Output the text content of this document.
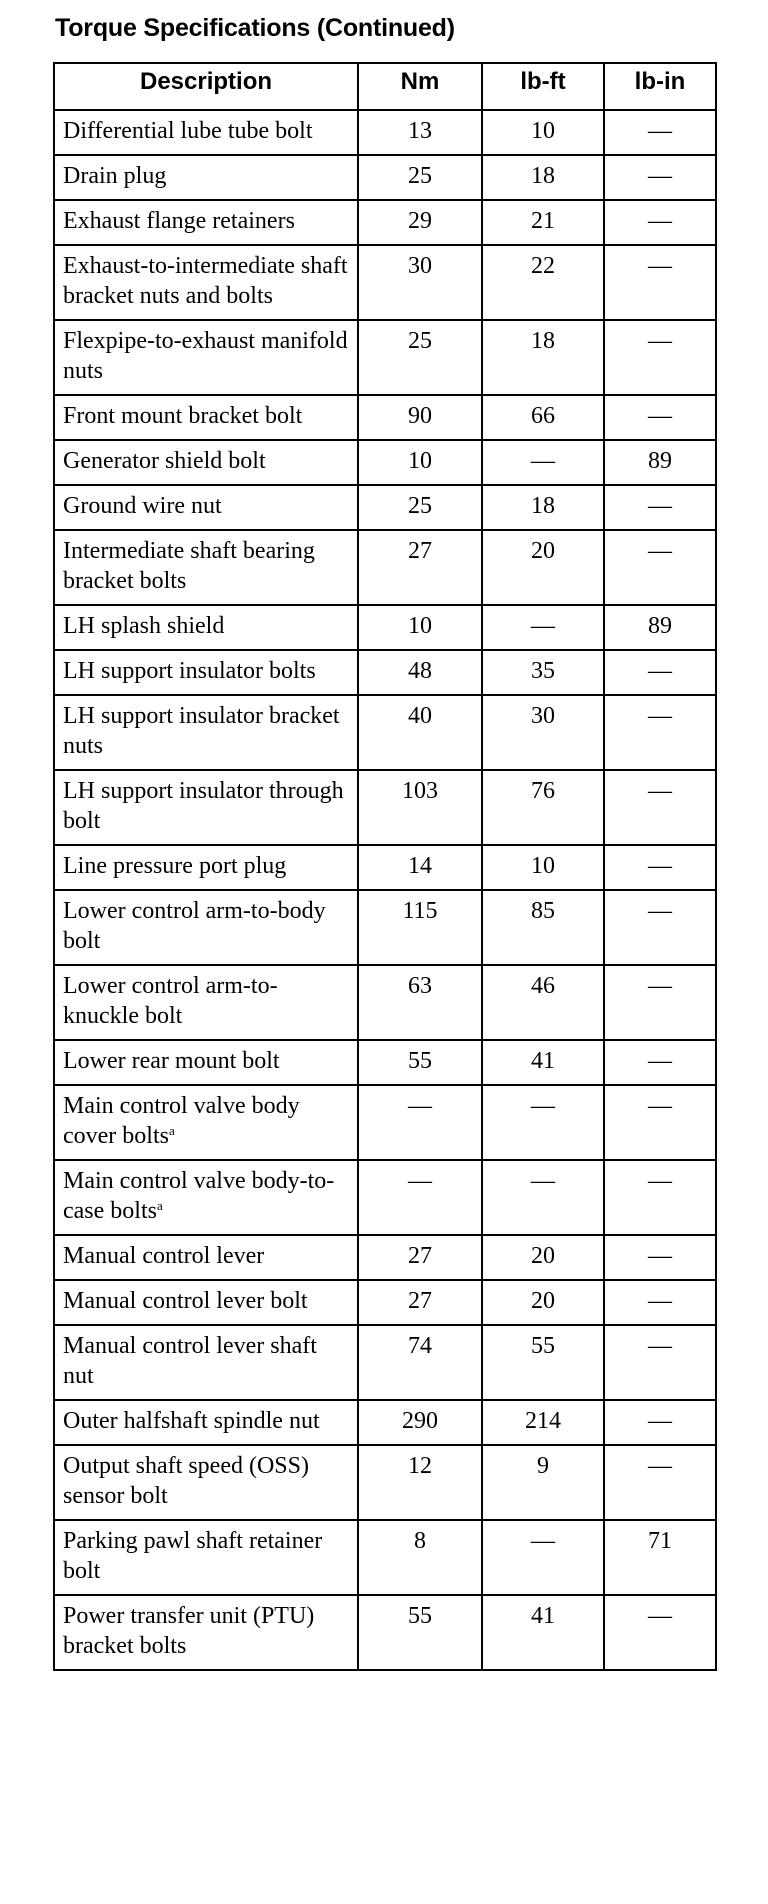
Torque Specifications (Continued)
Description	Nm	lb-ft	lb-in
Differential lube tube bolt	13	10	—
Drain plug	25	18	—
Exhaust flange retainers	29	21	—
Exhaust-to-intermediate shaft bracket nuts and bolts	30	22	—
Flexpipe-to-exhaust manifold nuts	25	18	—
Front mount bracket bolt	90	66	—
Generator shield bolt	10	—	89
Ground wire nut	25	18	—
Intermediate shaft bearing bracket bolts	27	20	—
LH splash shield	10	—	89
LH support insulator bolts	48	35	—
LH support insulator bracket nuts	40	30	—
LH support insulator through bolt	103	76	—
Line pressure port plug	14	10	—
Lower control arm-to-body bolt	115	85	—
Lower control arm-to-knuckle bolt	63	46	—
Lower rear mount bolt	55	41	—
Main control valve body cover bolts$^a$	—	—	—
Main control valve body-to-case bolts$^a$	—	—	—
Manual control lever	27	20	—
Manual control lever bolt	27	20	—
Manual control lever shaft nut	74	55	—
Outer halfshaft spindle nut	290	214	—
Output shaft speed (OSS) sensor bolt	12	9	—
Parking pawl shaft retainer bolt	8	—	71
Power transfer unit (PTU) bracket bolts	55	41	—
